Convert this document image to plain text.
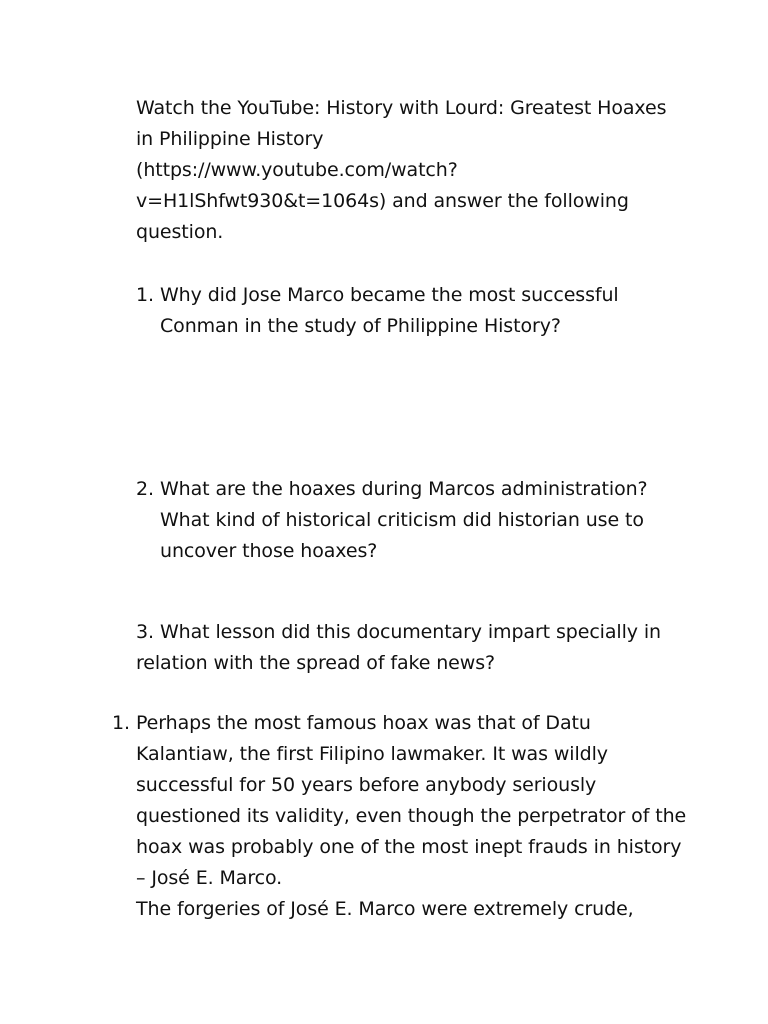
Watch the YouTube: History with Lourd: Greatest Hoaxes
in Philippine History
(https://www.youtube.com/watch?
v=H1lShfwt930&t=1064s) and answer the following
question.
1. Why did Jose Marco became the most successful
Conman in the study of Philippine History?
2. What are the hoaxes during Marcos administration?
What kind of historical criticism did historian use to
uncover those hoaxes?
3. What lesson did this documentary impart specially in
relation with the spread of fake news?
1. Perhaps the most famous hoax was that of Datu
Kalantiaw, the first Filipino lawmaker. It was wildly
successful for 50 years before anybody seriously
questioned its validity, even though the perpetrator of the
hoax was probably one of the most inept frauds in history
– José E. Marco.
The forgeries of José E. Marco were extremely crude,
